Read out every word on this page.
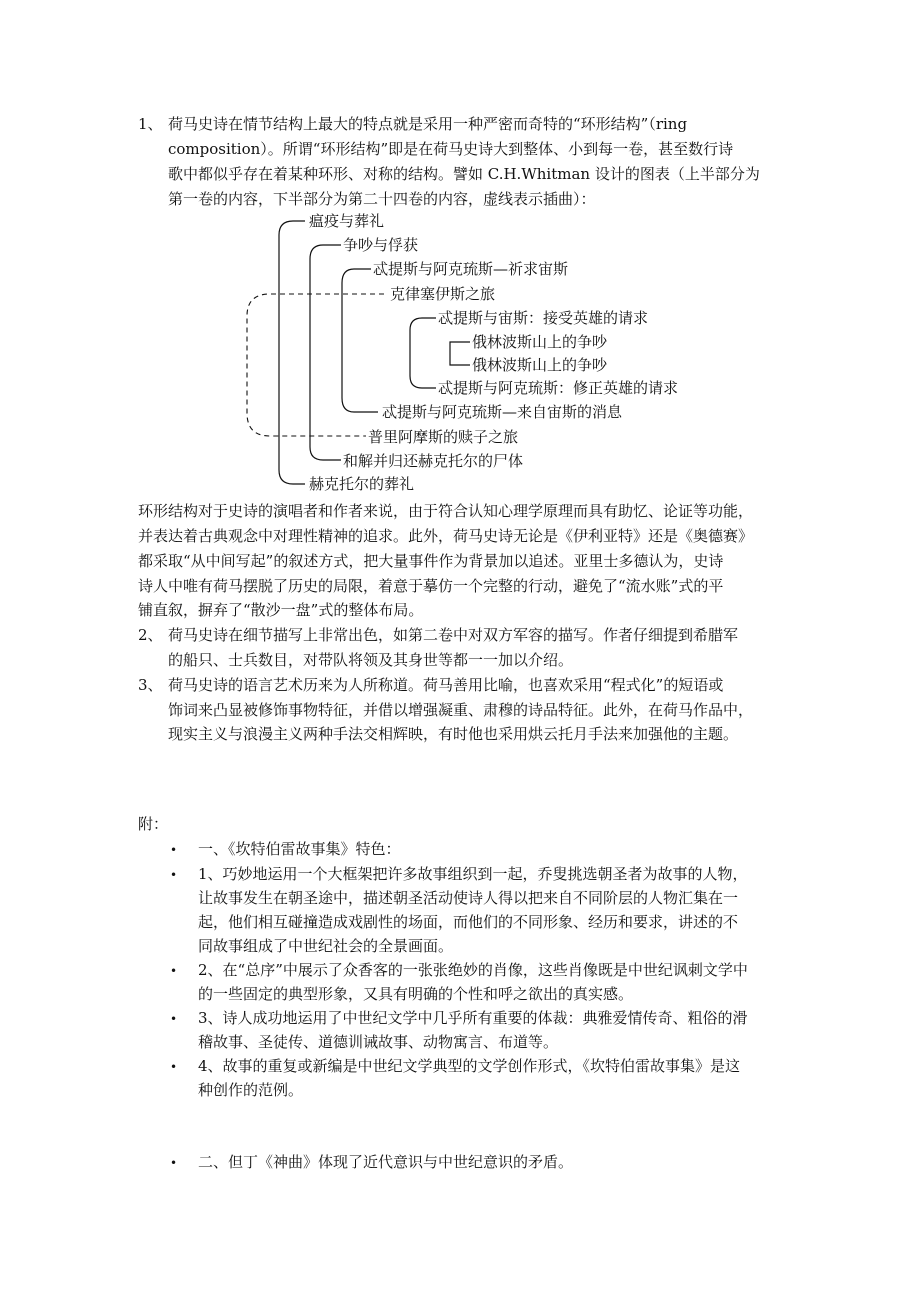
1、 荷马史诗在情节结构上最大的特点就是采用一种严密而奇特的“环形结构”（ring
composition）。所谓“环形结构”即是在荷马史诗大到整体、小到每一卷，甚至数行诗
歌中都似乎存在着某种环形、对称的结构。譬如 C.H.Whitman 设计的图表（上半部分为
第一卷的内容，下半部分为第二十四卷的内容，虚线表示插曲）：
瘟疫与葬礼
争吵与俘获
忒提斯与阿克琉斯—祈求宙斯
克律塞伊斯之旅
忒提斯与宙斯：接受英雄的请求
俄林波斯山上的争吵
俄林波斯山上的争吵
忒提斯与阿克琉斯：修正英雄的请求
忒提斯与阿克琉斯—来自宙斯的消息
普里阿摩斯的赎子之旅
和解并归还赫克托尔的尸体
赫克托尔的葬礼
环形结构对于史诗的演唱者和作者来说，由于符合认知心理学原理而具有助忆、论证等功能，
并表达着古典观念中对理性精神的追求。此外，荷马史诗无论是《伊利亚特》还是《奥德赛》
都采取“从中间写起”的叙述方式，把大量事件作为背景加以追述。亚里士多德认为，史诗
诗人中唯有荷马摆脱了历史的局限，着意于摹仿一个完整的行动，避免了“流水账”式的平
铺直叙，摒弃了“散沙一盘”式的整体布局。
2、 荷马史诗在细节描写上非常出色，如第二卷中对双方军容的描写。作者仔细提到希腊军
的船只、士兵数目，对带队将领及其身世等都一一加以介绍。
3、 荷马史诗的语言艺术历来为人所称道。荷马善用比喻，也喜欢采用“程式化”的短语或
饰词来凸显被修饰事物特征，并借以增强凝重、肃穆的诗品特征。此外，在荷马作品中，
现实主义与浪漫主义两种手法交相辉映，有时他也采用烘云托月手法来加强他的主题。
附：
• 一、《坎特伯雷故事集》特色：
• 1、巧妙地运用一个大框架把许多故事组织到一起，乔叟挑选朝圣者为故事的人物，
让故事发生在朝圣途中，描述朝圣活动使诗人得以把来自不同阶层的人物汇集在一
起，他们相互碰撞造成戏剧性的场面，而他们的不同形象、经历和要求，讲述的不
同故事组成了中世纪社会的全景画面。
• 2、在“总序”中展示了众香客的一张张绝妙的肖像，这些肖像既是中世纪讽刺文学中
的一些固定的典型形象，又具有明确的个性和呼之欲出的真实感。
• 3、诗人成功地运用了中世纪文学中几乎所有重要的体裁：典雅爱情传奇、粗俗的滑
稽故事、圣徒传、道德训诫故事、动物寓言、布道等。
• 4、故事的重复或新编是中世纪文学典型的文学创作形式，《坎特伯雷故事集》是这
种创作的范例。
• 二、但丁《神曲》体现了近代意识与中世纪意识的矛盾。
